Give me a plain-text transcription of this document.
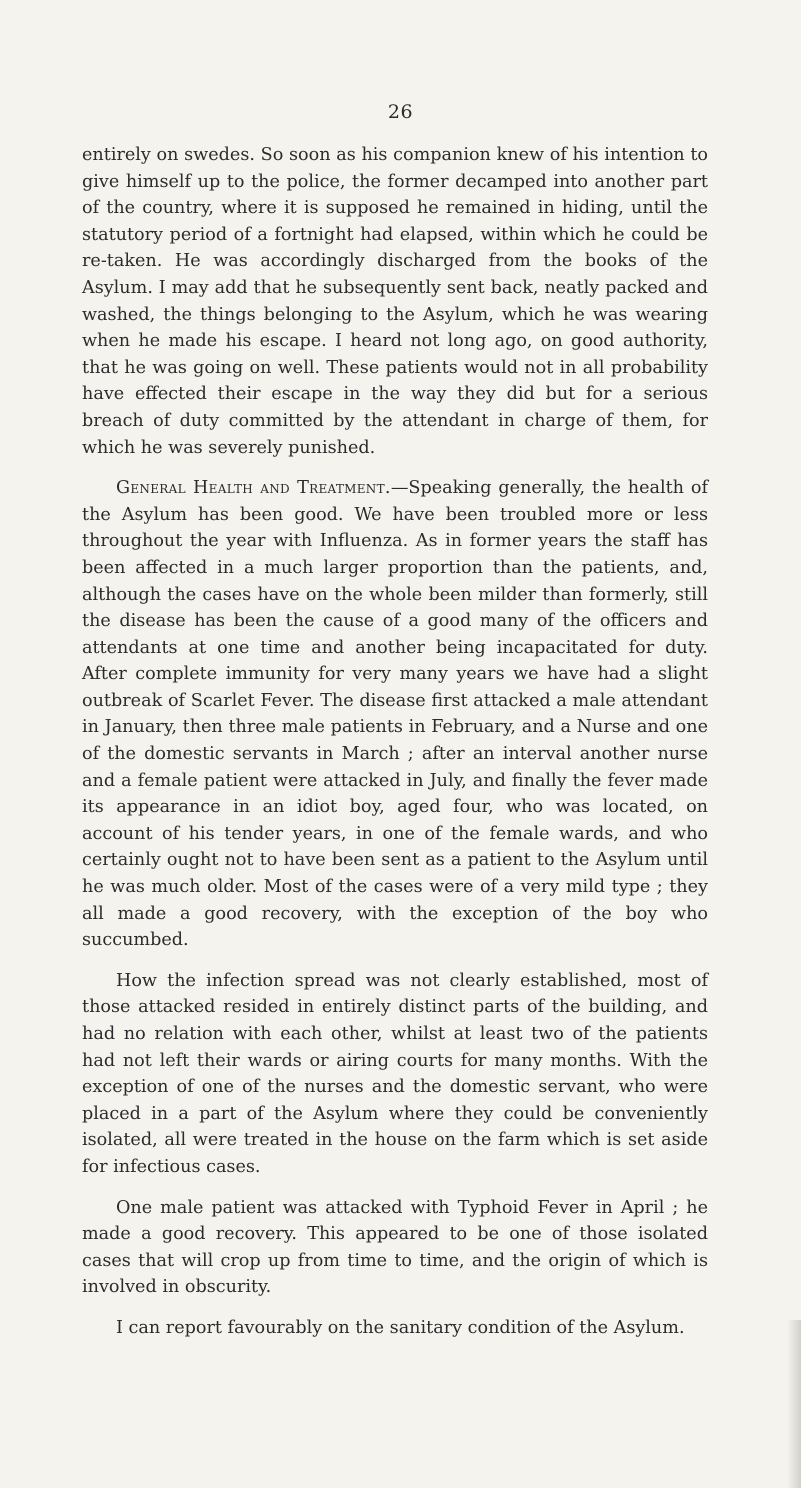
26

entirely on swedes. So soon as his companion knew of his intention to give himself up to the police, the former decamped into another part of the country, where it is supposed he remained in hiding, until the statutory period of a fortnight had elapsed, within which he could be re-taken. He was accordingly discharged from the books of the Asylum. I may add that he subsequently sent back, neatly packed and washed, the things belonging to the Asylum, which he was wearing when he made his escape. I heard not long ago, on good authority, that he was going on well. These patients would not in all probability have effected their escape in the way they did but for a serious breach of duty committed by the attendant in charge of them, for which he was severely punished.

General Health and Treatment.—Speaking generally, the health of the Asylum has been good. We have been troubled more or less throughout the year with Influenza. As in former years the staff has been affected in a much larger proportion than the patients, and, although the cases have on the whole been milder than formerly, still the disease has been the cause of a good many of the officers and attendants at one time and another being incapacitated for duty. After complete immunity for very many years we have had a slight outbreak of Scarlet Fever. The disease first attacked a male attendant in January, then three male patients in February, and a Nurse and one of the domestic servants in March ; after an interval another nurse and a female patient were attacked in July, and finally the fever made its appearance in an idiot boy, aged four, who was located, on account of his tender years, in one of the female wards, and who certainly ought not to have been sent as a patient to the Asylum until he was much older. Most of the cases were of a very mild type ; they all made a good recovery, with the exception of the boy who succumbed.

How the infection spread was not clearly established, most of those attacked resided in entirely distinct parts of the building, and had no relation with each other, whilst at least two of the patients had not left their wards or airing courts for many months. With the exception of one of the nurses and the domestic servant, who were placed in a part of the Asylum where they could be conveniently isolated, all were treated in the house on the farm which is set aside for infectious cases.

One male patient was attacked with Typhoid Fever in April ; he made a good recovery. This appeared to be one of those isolated cases that will crop up from time to time, and the origin of which is involved in obscurity.

I can report favourably on the sanitary condition of the Asylum.
